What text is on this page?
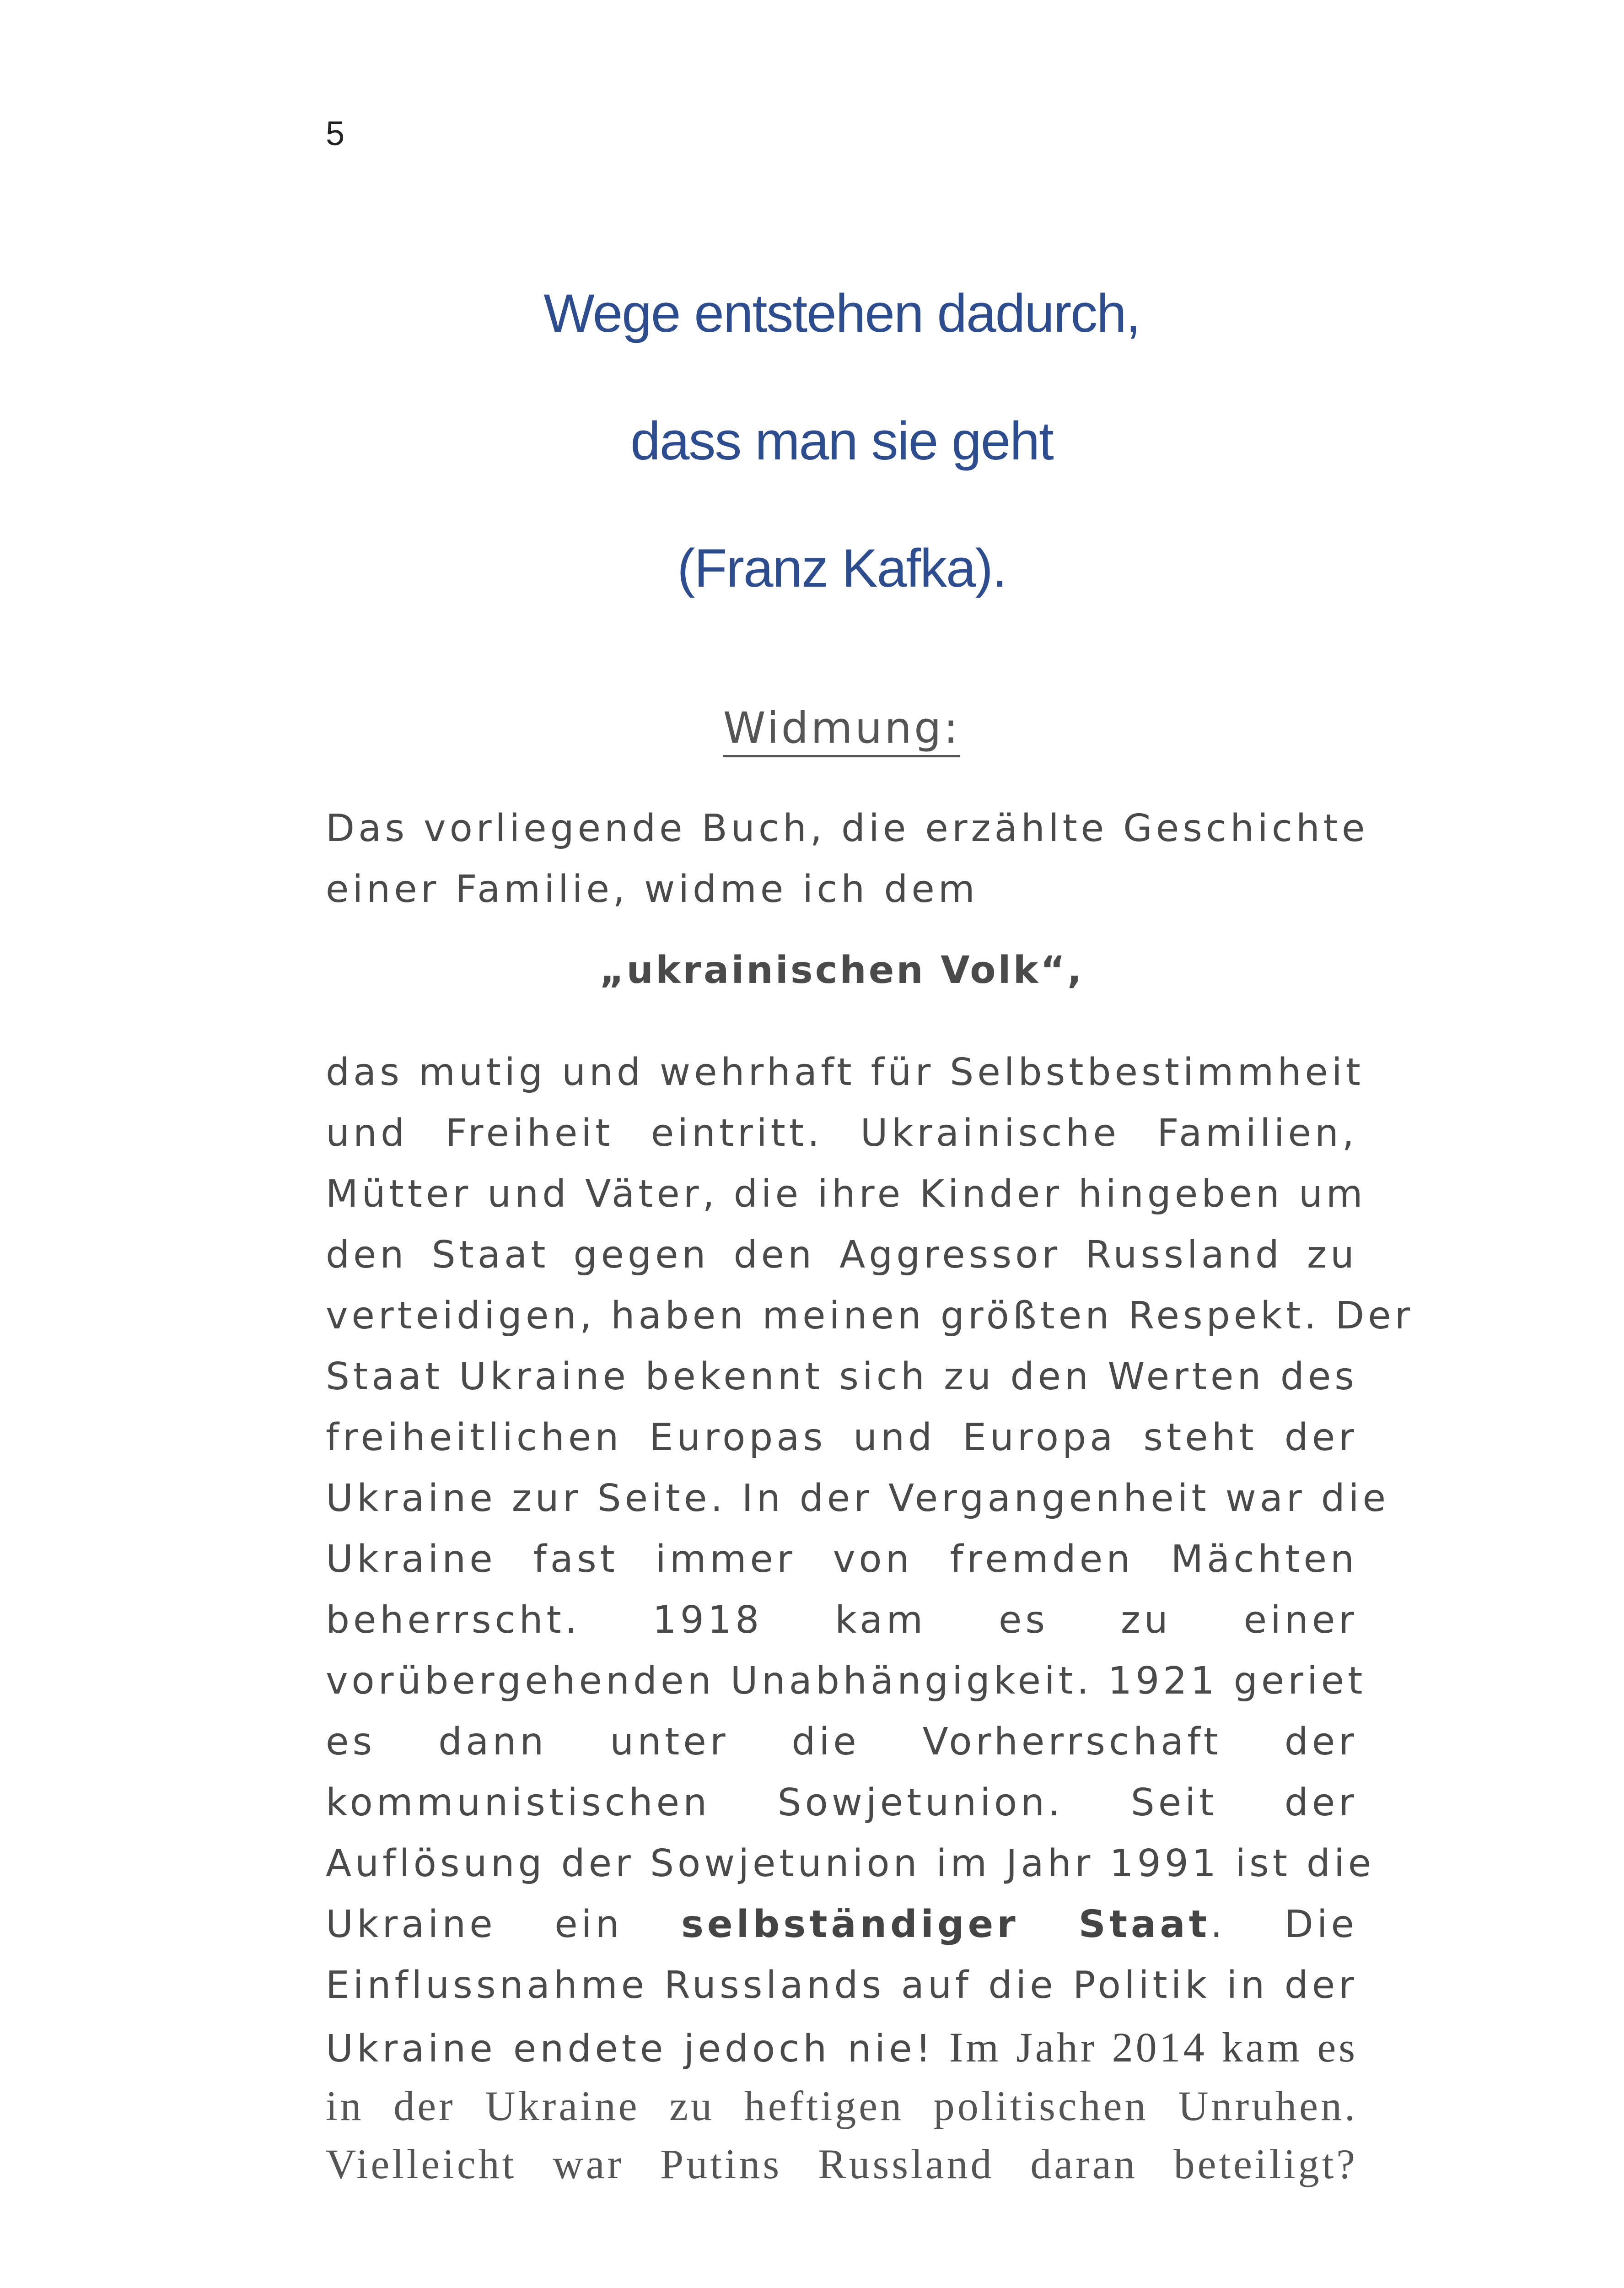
5
Wege entstehen dadurch,
dass man sie geht
(Franz Kafka).
Widmung:
Das vorliegende Buch, die erzählte Geschichte
einer Familie, widme ich dem
„ukrainischen Volk“,
das mutig und wehrhaft für Selbstbestimmheit
und Freiheit eintritt. Ukrainische Familien,
Mütter und Väter, die ihre Kinder hingeben um
den Staat gegen den Aggressor Russland zu
verteidigen, haben meinen größten Respekt. Der
Staat Ukraine bekennt sich zu den Werten des
freiheitlichen Europas und Europa steht der
Ukraine zur Seite. In der Vergangenheit war die
Ukraine fast immer von fremden Mächten
beherrscht. 1918 kam es zu einer
vorübergehenden Unabhängigkeit. 1921 geriet
es dann unter die Vorherrschaft der
kommunistischen Sowjetunion. Seit der
Auflösung der Sowjetunion im Jahr 1991 ist die
Ukraine ein selbständiger Staat. Die
Einflussnahme Russlands auf die Politik in der
Ukraine endete jedoch nie! Im Jahr 2014 kam es
in der Ukraine zu heftigen politischen Unruhen.
Vielleicht war Putins Russland daran beteiligt?
